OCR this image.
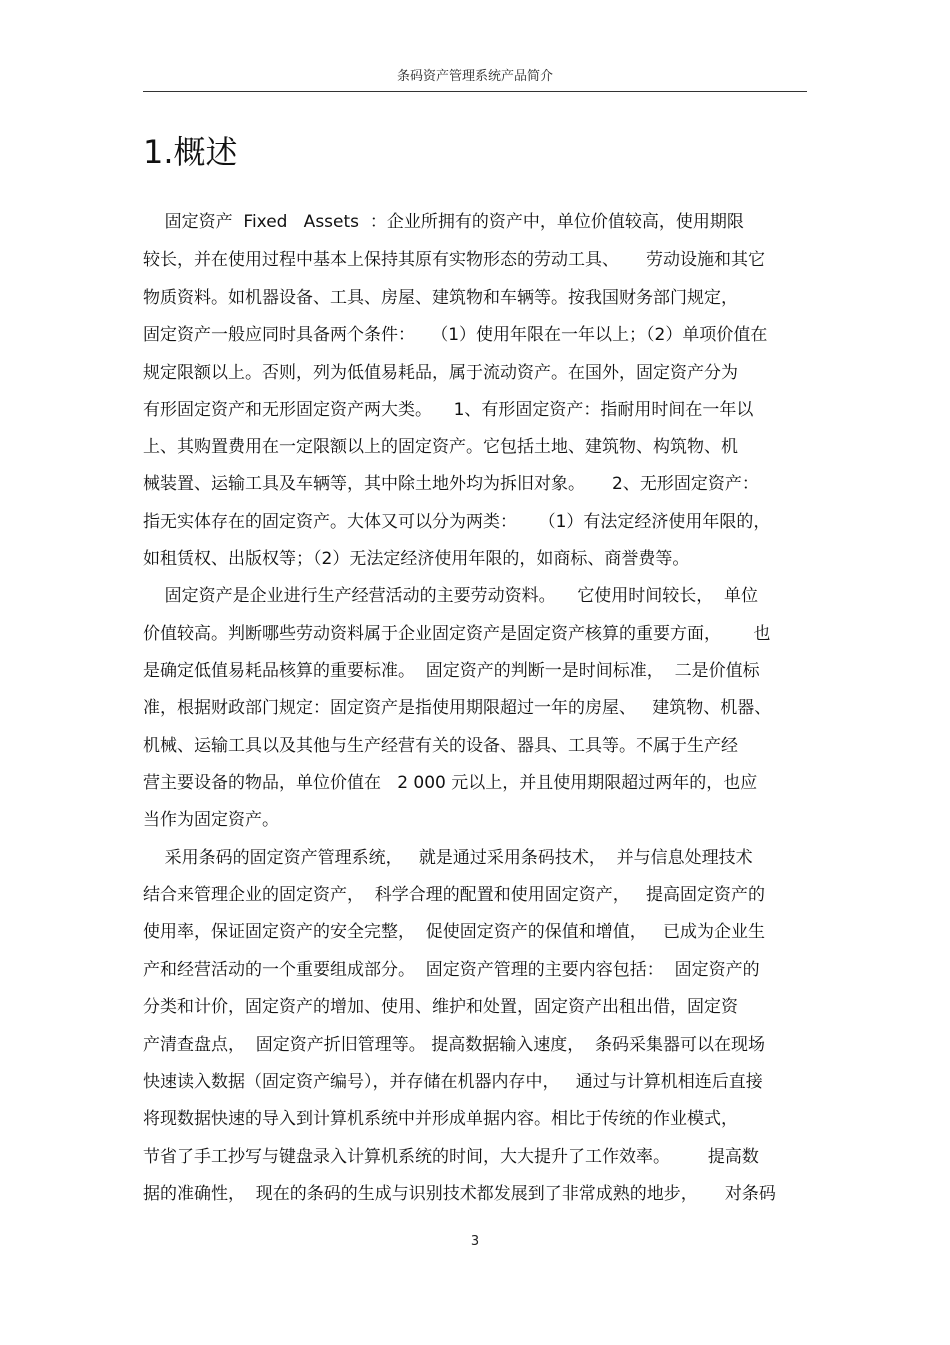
条码资产管理系统产品简介
1.概述

固定资产  Fixed   Assets  ：企业所拥有的资产中，单位价值较高，使用期限

较长，并在使用过程中基本上保持其原有实物形态的劳动工具、     劳动设施和其它

物质资料。如机器设备、工具、房屋、建筑物和车辆等。按我国财务部门规定，

固定资产一般应同时具备两个条件：   （1）使用年限在一年以上；（2）单项价值在

规定限额以上。否则，列为低值易耗品，属于流动资产。在国外，固定资产分为

有形固定资产和无形固定资产两大类。    1、有形固定资产：指耐用时间在一年以

上、其购置费用在一定限额以上的固定资产。它包括土地、建筑物、构筑物、机

械装置、运输工具及车辆等，其中除土地外均为拆旧对象。     2、无形固定资产：

指无实体存在的固定资产。大体又可以分为两类：    （1）有法定经济使用年限的，

如租赁权、出版权等；（2）无法定经济使用年限的，如商标、商誉费等。

固定资产是企业进行生产经营活动的主要劳动资料。    它使用时间较长，  单位

价值较高。判断哪些劳动资料属于企业固定资产是固定资产核算的重要方面，      也

是确定低值易耗品核算的重要标准。  固定资产的判断一是时间标准，  二是价值标

准，根据财政部门规定：固定资产是指使用期限超过一年的房屋、   建筑物、机器、

机械、运输工具以及其他与生产经营有关的设备、器具、工具等。不属于生产经

营主要设备的物品，单位价值在   2 000 元以上，并且使用期限超过两年的，也应

当作为固定资产。

采用条码的固定资产管理系统，   就是通过采用条码技术，  并与信息处理技术

结合来管理企业的固定资产，  科学合理的配置和使用固定资产，   提高固定资产的

使用率，保证固定资产的安全完整，  促使固定资产的保值和增值，   已成为企业生

产和经营活动的一个重要组成部分。  固定资产管理的主要内容包括：  固定资产的

分类和计价，固定资产的增加、使用、维护和处置，固定资产出租出借，固定资

产清查盘点，  固定资产折旧管理等。 提高数据输入速度，  条码采集器可以在现场

快速读入数据（固定资产编号），并存储在机器内存中，   通过与计算机相连后直接

将现数据快速的导入到计算机系统中并形成单据内容。相比于传统的作业模式，

节省了手工抄写与键盘录入计算机系统的时间，大大提升了工作效率。       提高数

据的准确性，  现在的条码的生成与识别技术都发展到了非常成熟的地步，     对条码

3
